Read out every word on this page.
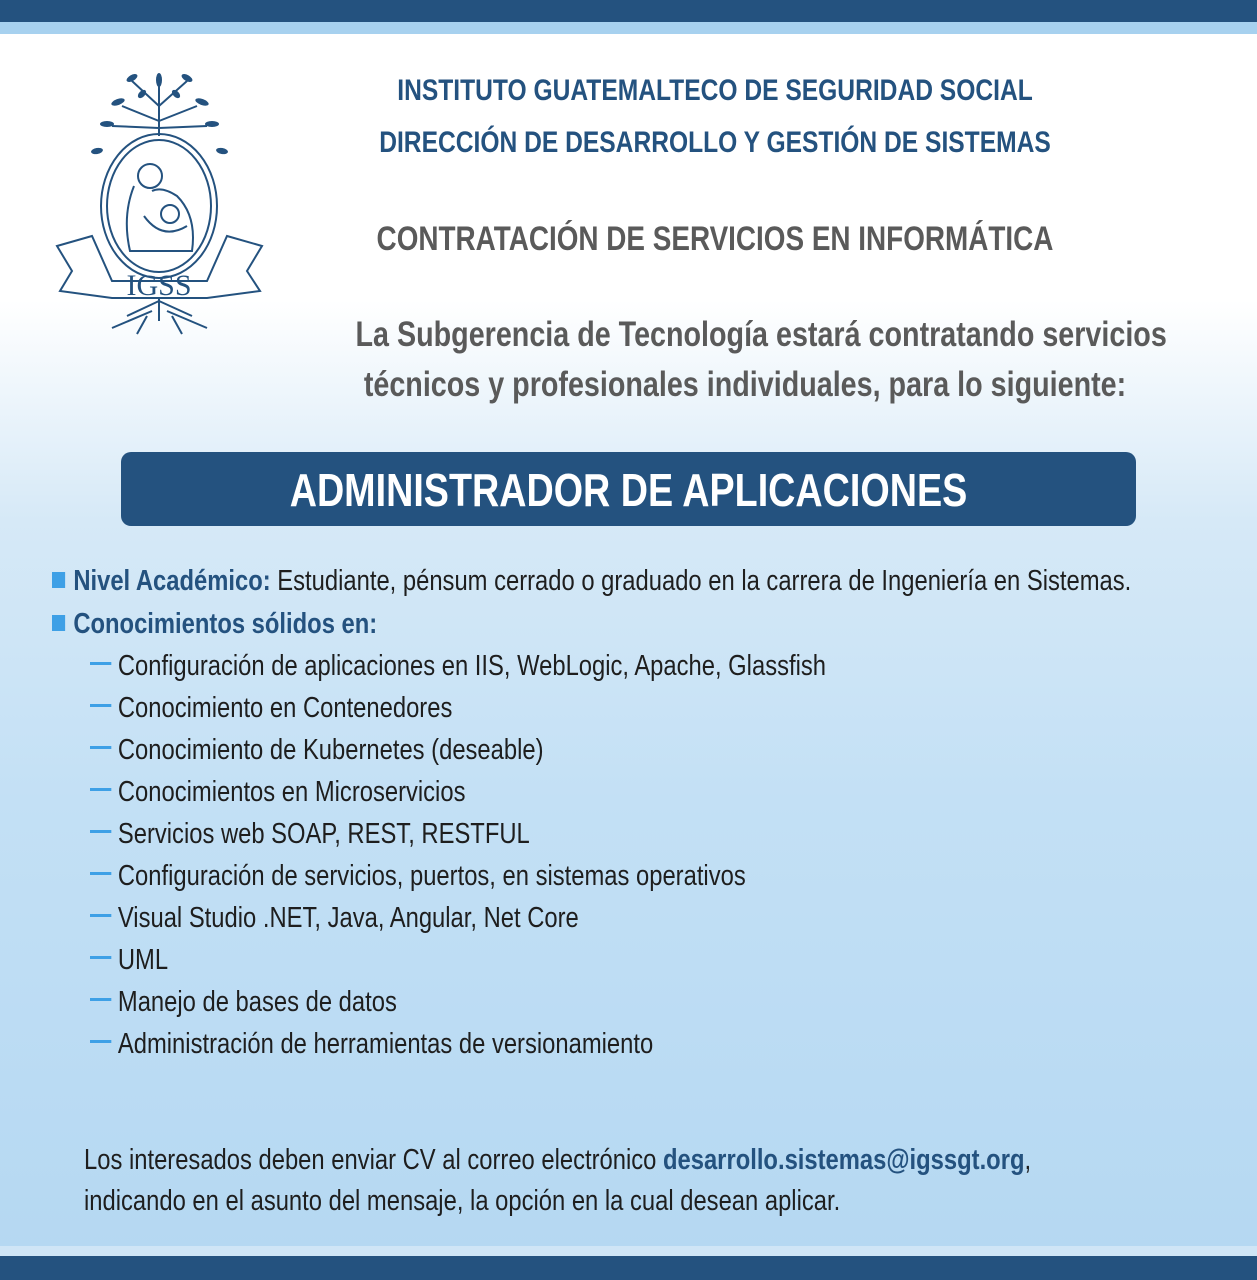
IGSS
INSTITUTO GUATEMALTECO DE SEGURIDAD SOCIAL
DIRECCIÓN DE DESARROLLO Y GESTIÓN DE SISTEMAS
CONTRATACIÓN DE SERVICIOS EN INFORMÁTICA
La Subgerencia de Tecnología estará contratando servicios
técnicos y profesionales individuales, para lo siguiente:
ADMINISTRADOR DE APLICACIONES
Nivel Académico: Estudiante, pénsum cerrado o graduado en la carrera de Ingeniería en Sistemas.
Conocimientos sólidos en:
Configuración de aplicaciones en IIS, WebLogic, Apache, Glassfish
Conocimiento en Contenedores
Conocimiento de Kubernetes (deseable)
Conocimientos en Microservicios
Servicios web SOAP, REST, RESTFUL
Configuración de servicios, puertos, en sistemas operativos
Visual Studio .NET, Java, Angular, Net Core
UML
Manejo de bases de datos
Administración de herramientas de versionamiento
Los interesados deben enviar CV al correo electrónico desarrollo.sistemas@igssgt.org,
indicando en el asunto del mensaje, la opción en la cual desean aplicar.
